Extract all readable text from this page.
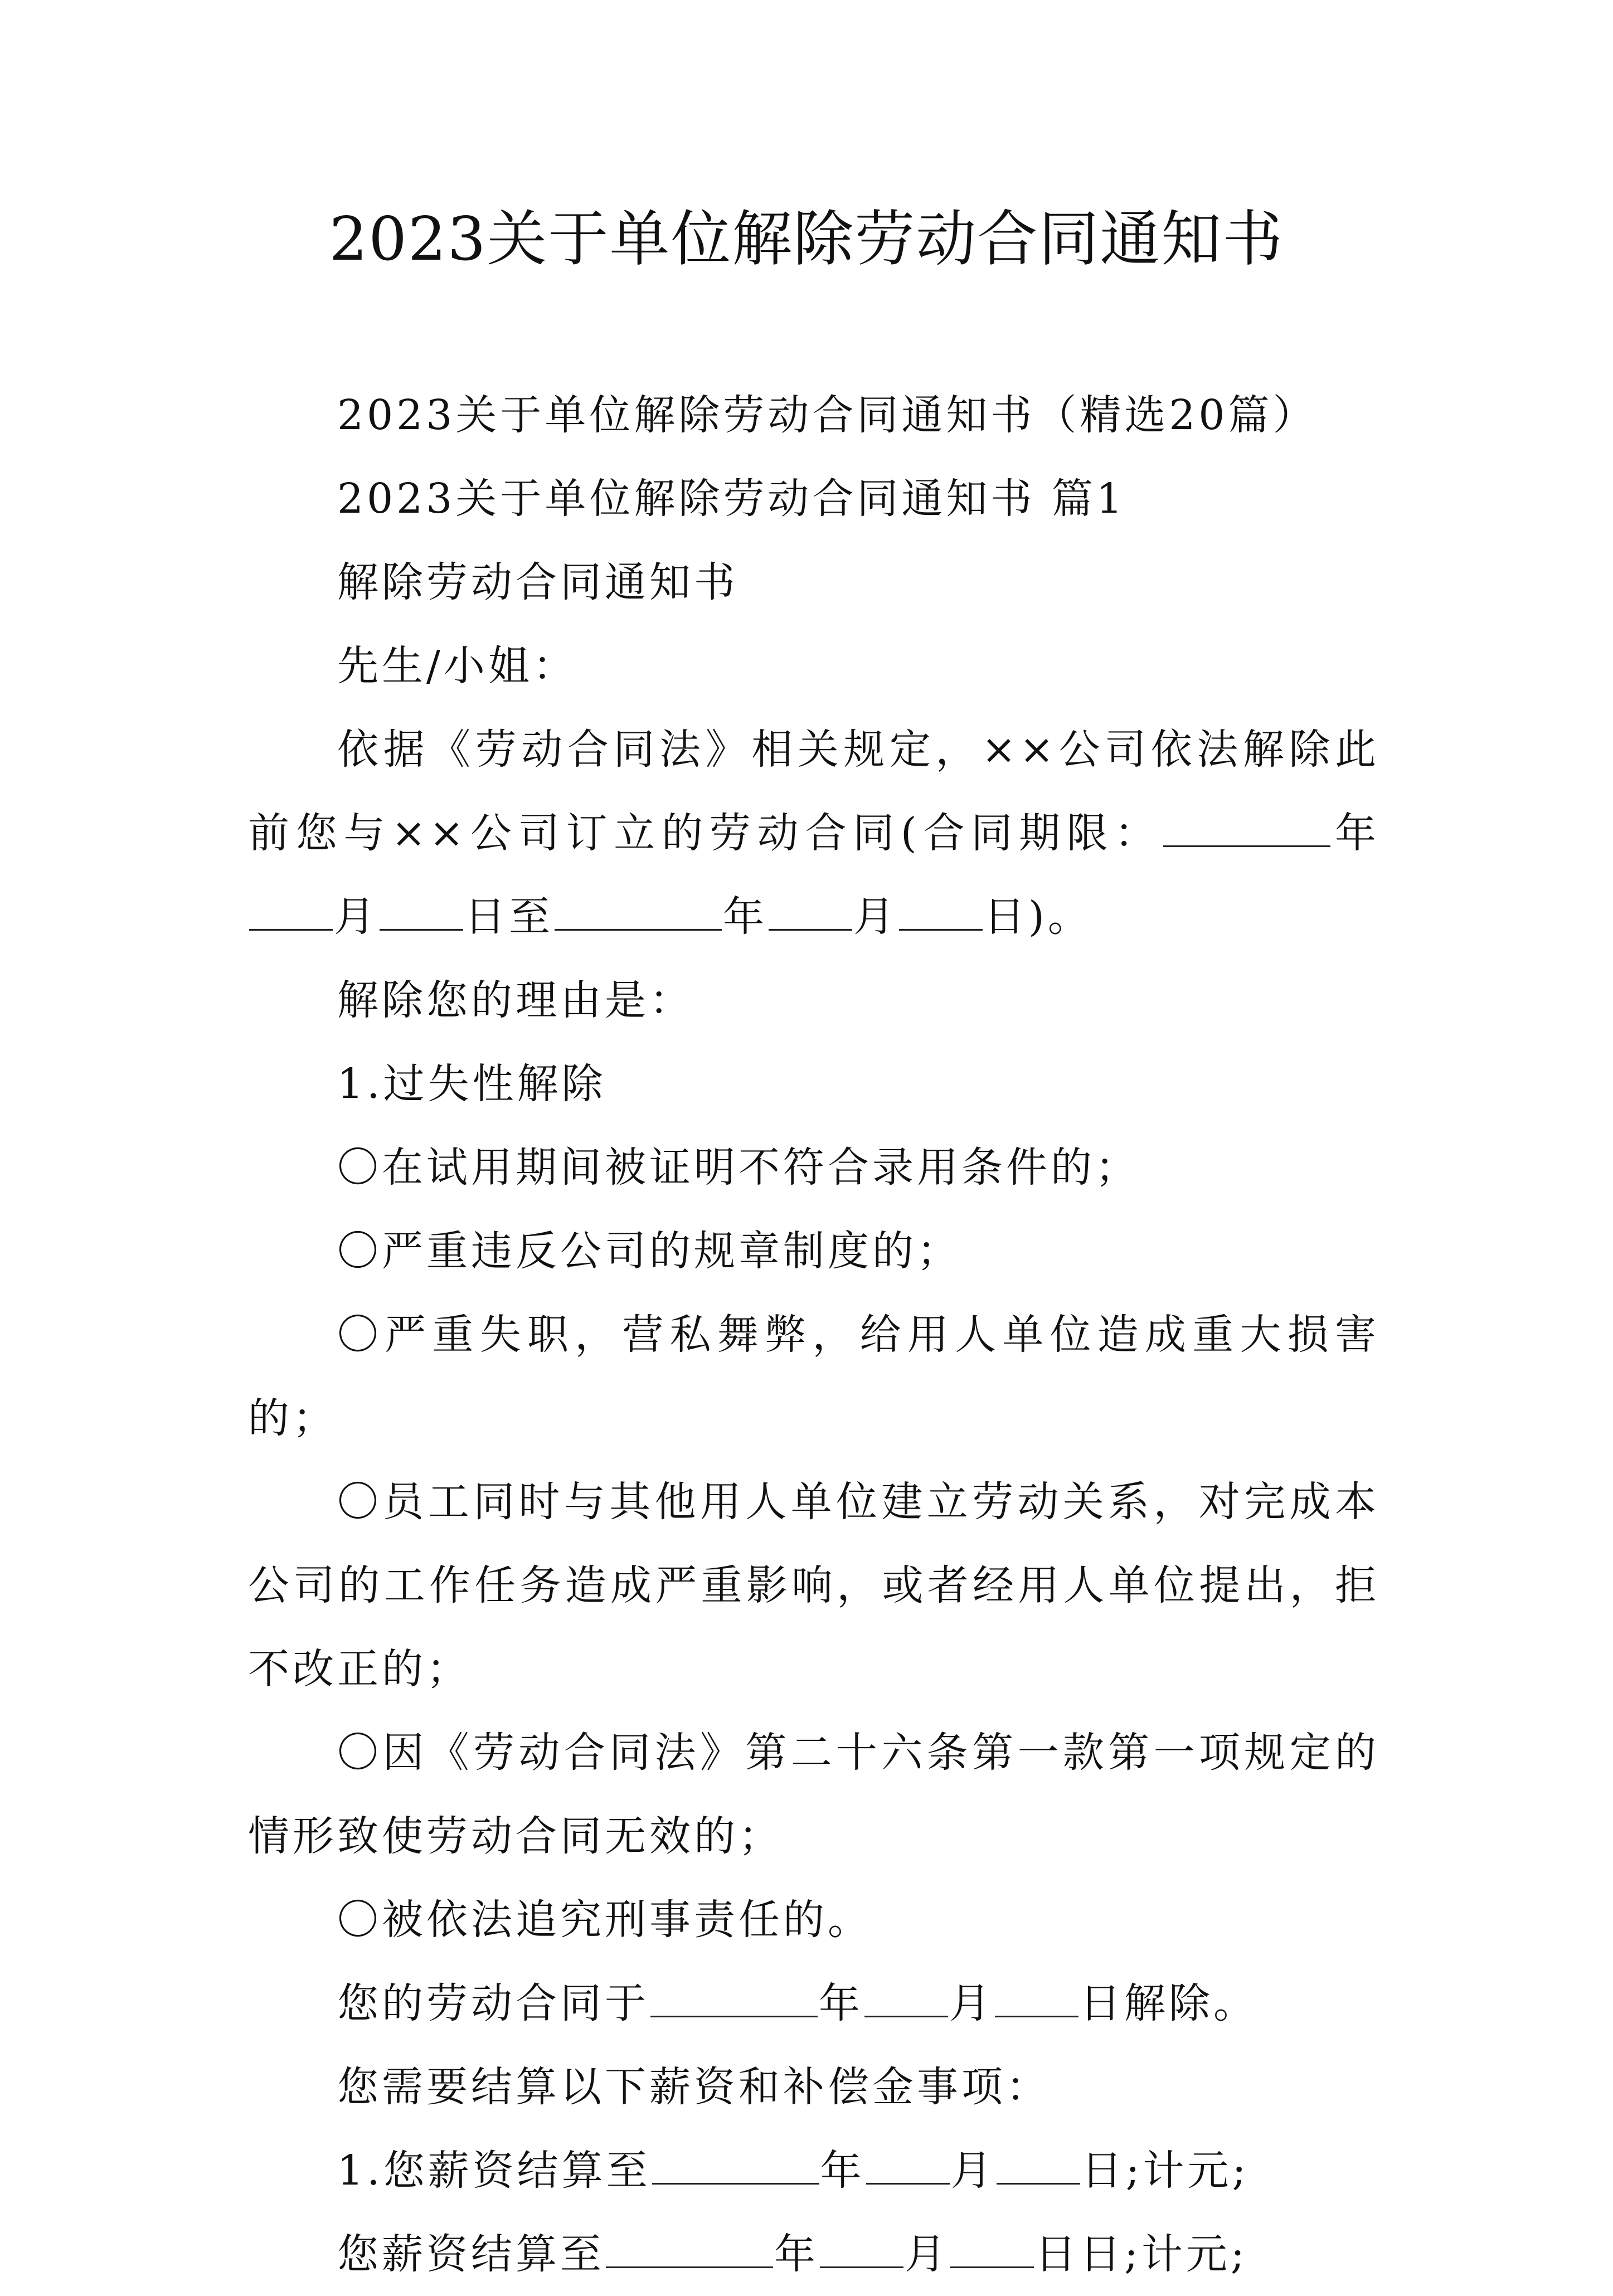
2023关于单位解除劳动合同通知书

2023关于单位解除劳动合同通知书（精选20篇）

2023关于单位解除劳动合同通知书 篇1

解除劳动合同通知书

先生/小姐：

依据《劳动合同法》相关规定，××公司依法解除此前您与××公司订立的劳动合同(合同期限：	年月 日至	年 月 日)。

解除您的理由是：

1.过失性解除

〇在试用期间被证明不符合录用条件的；

〇严重违反公司的规章制度的；

〇严重失职，营私舞弊，给用人单位造成重大损害的；

〇员工同时与其他用人单位建立劳动关系，对完成本公司的工作任务造成严重影响，或者经用人单位提出，拒不改正的；

〇因《劳动合同法》第二十六条第一款第一项规定的情形致使劳动合同无效的；

〇被依法追究刑事责任的。

您的劳动合同于	年 月 日解除。

您需要结算以下薪资和补偿金事项：

1.您薪资结算至	年 月 日;计元;

您薪资结算至	年 月 日日;计元;
